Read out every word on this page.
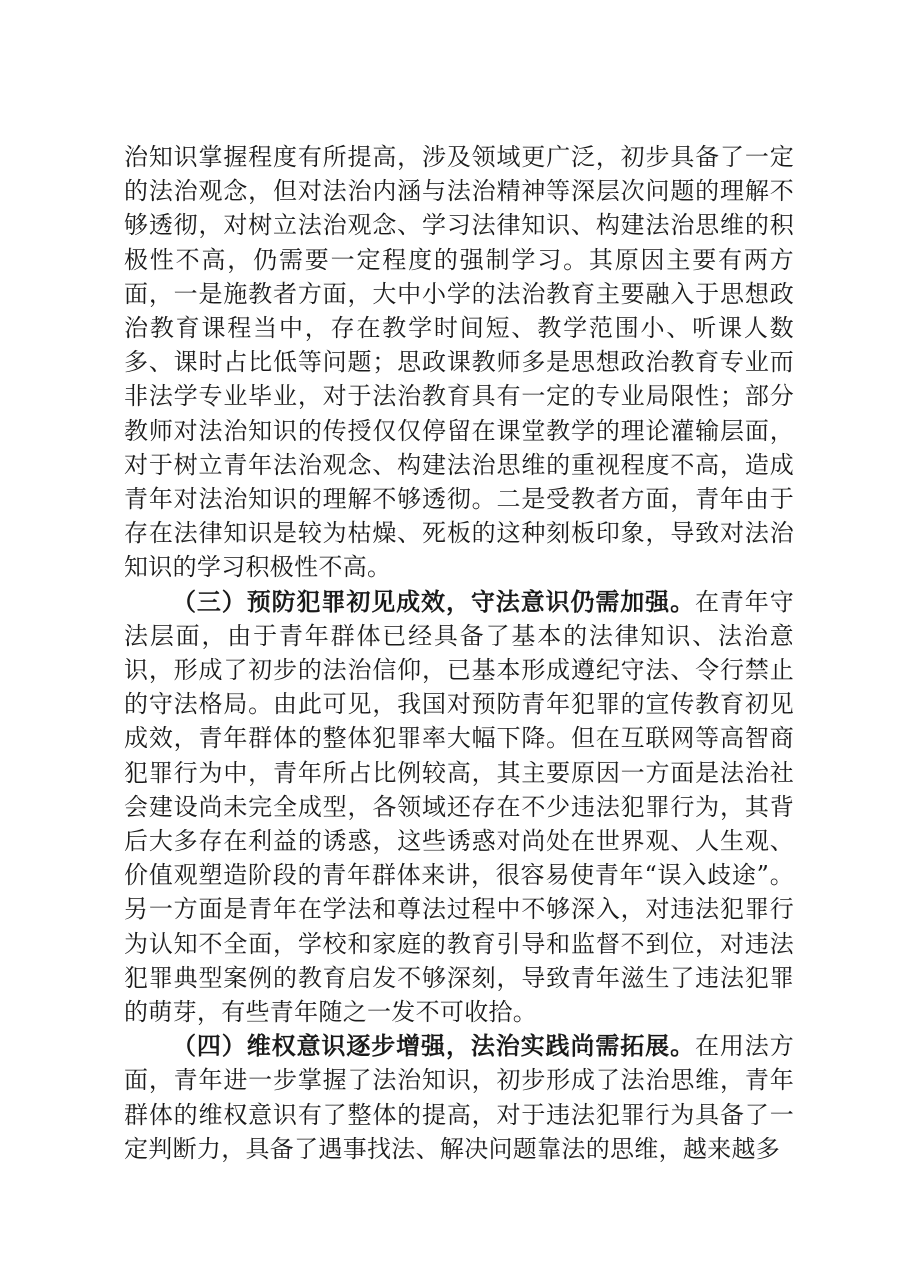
治知识掌握程度有所提高，涉及领域更广泛，初步具备了一定的法治观念，但对法治内涵与法治精神等深层次问题的理解不够透彻，对树立法治观念、学习法律知识、构建法治思维的积极性不高，仍需要一定程度的强制学习。其原因主要有两方面，一是施教者方面，大中小学的法治教育主要融入于思想政治教育课程当中，存在教学时间短、教学范围小、听课人数多、课时占比低等问题；思政课教师多是思想政治教育专业而非法学专业毕业，对于法治教育具有一定的专业局限性；部分教师对法治知识的传授仅仅停留在课堂教学的理论灌输层面，对于树立青年法治观念、构建法治思维的重视程度不高，造成青年对法治知识的理解不够透彻。二是受教者方面，青年由于存在法律知识是较为枯燥、死板的这种刻板印象，导致对法治知识的学习积极性不高。

（三）预防犯罪初见成效，守法意识仍需加强。在青年守法层面，由于青年群体已经具备了基本的法律知识、法治意识，形成了初步的法治信仰，已基本形成遵纪守法、令行禁止的守法格局。由此可见，我国对预防青年犯罪的宣传教育初见成效，青年群体的整体犯罪率大幅下降。但在互联网等高智商犯罪行为中，青年所占比例较高，其主要原因一方面是法治社会建设尚未完全成型，各领域还存在不少违法犯罪行为，其背后大多存在利益的诱惑，这些诱惑对尚处在世界观、人生观、价值观塑造阶段的青年群体来讲，很容易使青年“误入歧途”。另一方面是青年在学法和尊法过程中不够深入，对违法犯罪行为认知不全面，学校和家庭的教育引导和监督不到位，对违法犯罪典型案例的教育启发不够深刻，导致青年滋生了违法犯罪的萌芽，有些青年随之一发不可收拾。

（四）维权意识逐步增强，法治实践尚需拓展。在用法方面，青年进一步掌握了法治知识，初步形成了法治思维，青年群体的维权意识有了整体的提高，对于违法犯罪行为具备了一定判断力，具备了遇事找法、解决问题靠法的思维，越来越多
